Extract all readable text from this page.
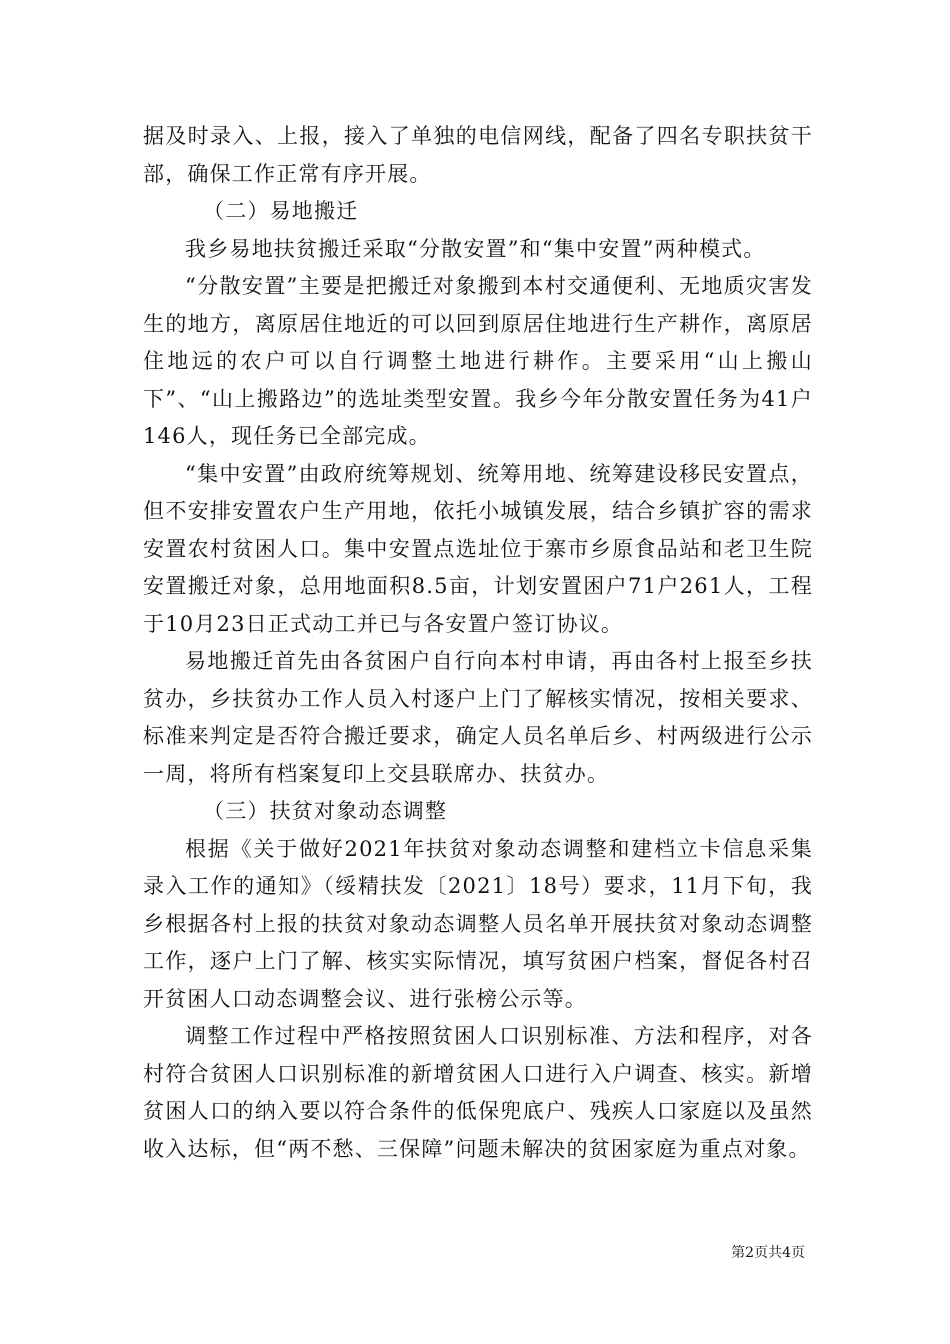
据及时录入、上报，接入了单独的电信网线，配备了四名专职扶贫干部，确保工作正常有序开展。

（二）易地搬迁

我乡易地扶贫搬迁采取“分散安置”和“集中安置”两种模式。

“分散安置”主要是把搬迁对象搬到本村交通便利、无地质灾害发生的地方，离原居住地近的可以回到原居住地进行生产耕作，离原居住地远的农户可以自行调整土地进行耕作。主要采用“山上搬山下”、“山上搬路边”的选址类型安置。我乡今年分散安置任务为41户146人，现任务已全部完成。

“集中安置”由政府统筹规划、统筹用地、统筹建设移民安置点，但不安排安置农户生产用地，依托小城镇发展，结合乡镇扩容的需求安置农村贫困人口。集中安置点选址位于寨市乡原食品站和老卫生院安置搬迁对象，总用地面积8.5亩，计划安置困户71户261人，工程于10月23日正式动工并已与各安置户签订协议。

易地搬迁首先由各贫困户自行向本村申请，再由各村上报至乡扶贫办，乡扶贫办工作人员入村逐户上门了解核实情况，按相关要求、标准来判定是否符合搬迁要求，确定人员名单后乡、村两级进行公示一周，将所有档案复印上交县联席办、扶贫办。

（三）扶贫对象动态调整

根据《关于做好2021年扶贫对象动态调整和建档立卡信息采集录入工作的通知》（绥精扶发〔2021〕18号）要求，11月下旬，我乡根据各村上报的扶贫对象动态调整人员名单开展扶贫对象动态调整工作，逐户上门了解、核实实际情况，填写贫困户档案，督促各村召开贫困人口动态调整会议、进行张榜公示等。

调整工作过程中严格按照贫困人口识别标准、方法和程序，对各村符合贫困人口识别标准的新增贫困人口进行入户调查、核实。新增贫困人口的纳入要以符合条件的低保兜底户、残疾人口家庭以及虽然收入达标，但“两不愁、三保障”问题未解决的贫困家庭为重点对象。

第2页共4页
